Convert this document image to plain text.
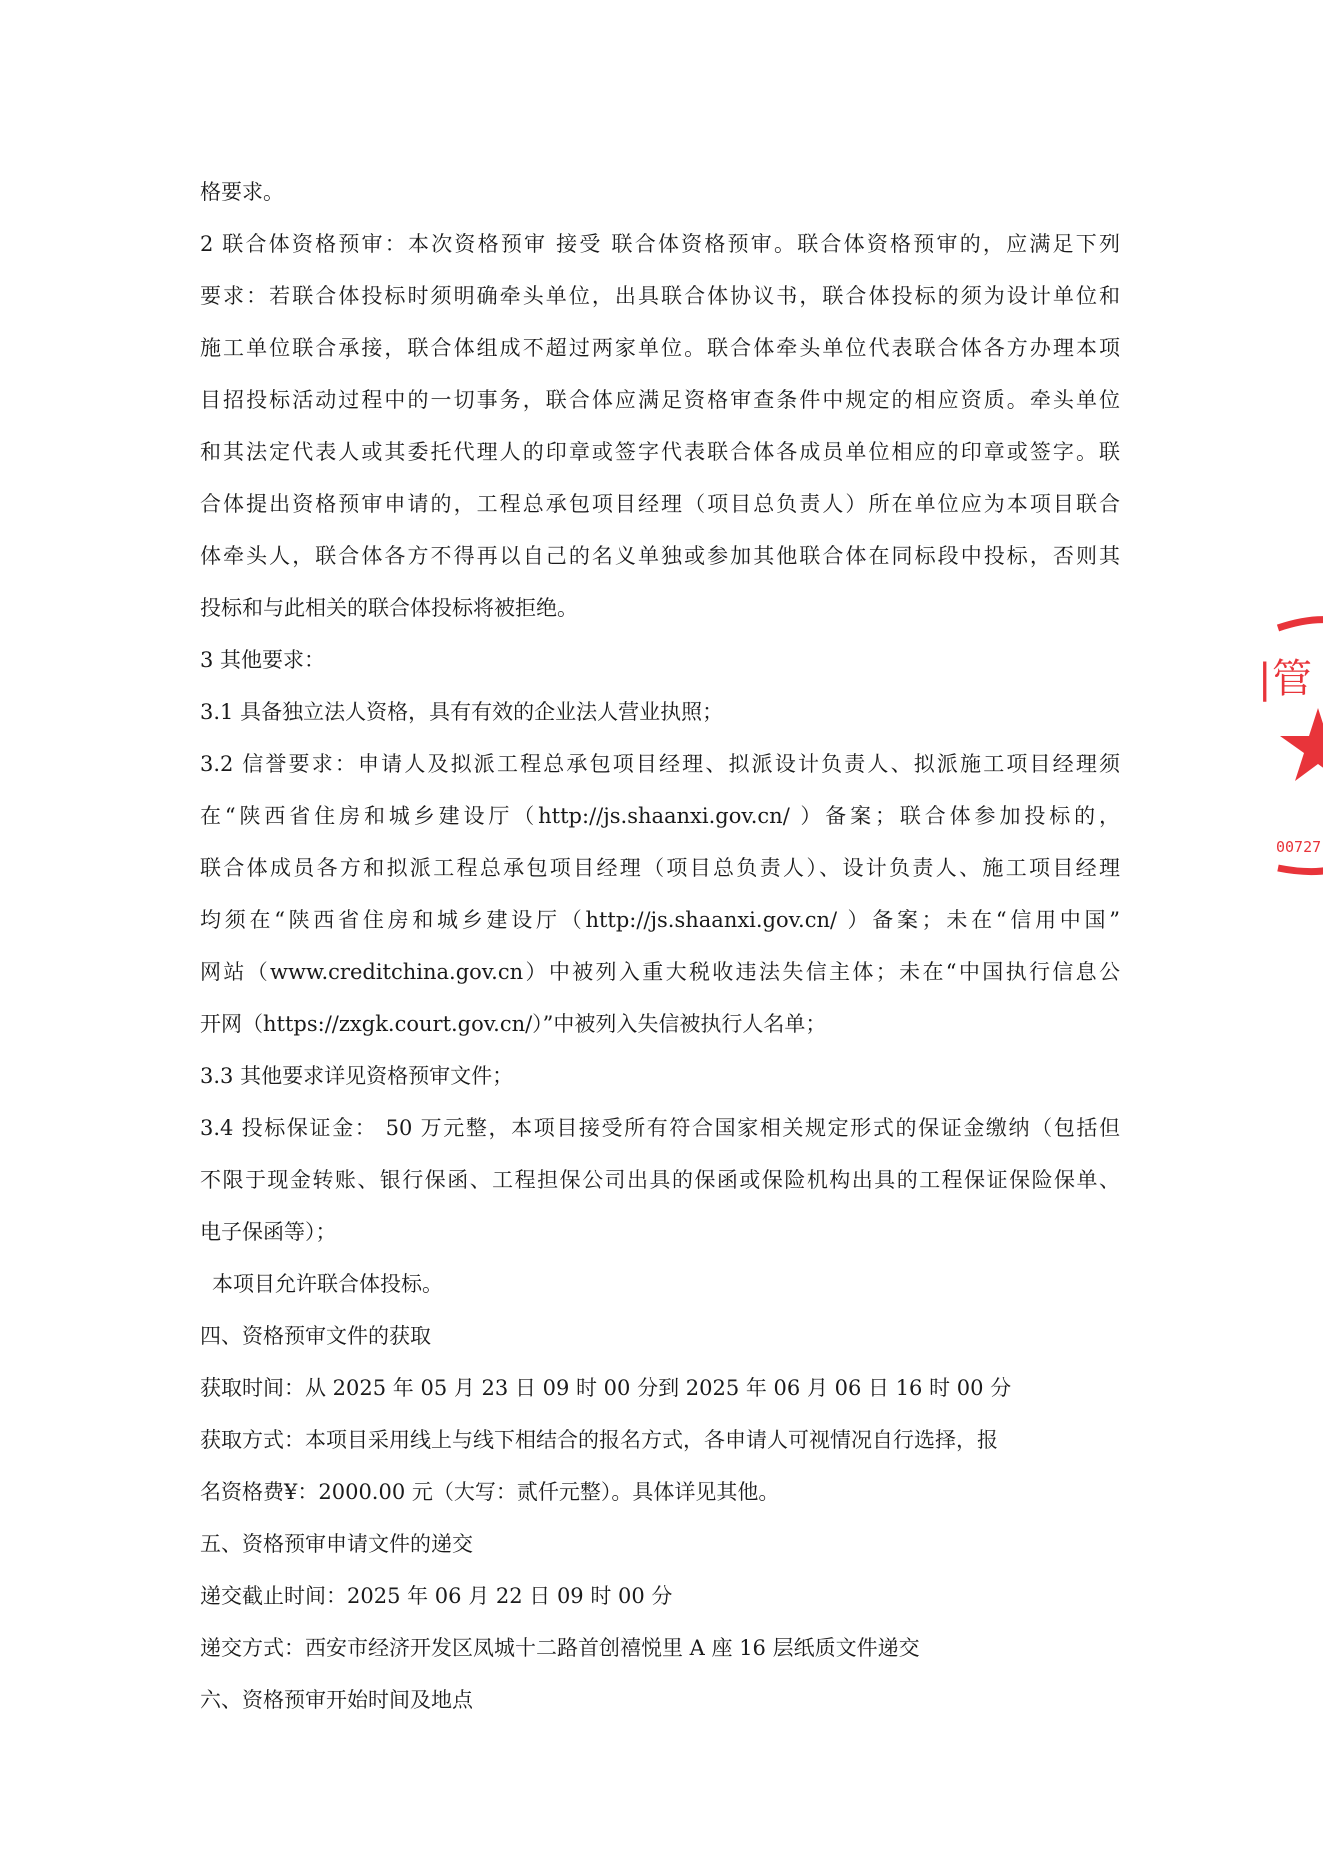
格要求。
2 联合体资格预审：本次资格预审 接受 联合体资格预审。联合体资格预审的，应满足下列
要求：若联合体投标时须明确牵头单位，出具联合体协议书，联合体投标的须为设计单位和
施工单位联合承接，联合体组成不超过两家单位。联合体牵头单位代表联合体各方办理本项
目招投标活动过程中的一切事务，联合体应满足资格审查条件中规定的相应资质。牵头单位
和其法定代表人或其委托代理人的印章或签字代表联合体各成员单位相应的印章或签字。联
合体提出资格预审申请的，工程总承包项目经理（项目总负责人）所在单位应为本项目联合
体牵头人，联合体各方不得再以自己的名义单独或参加其他联合体在同标段中投标，否则其
投标和与此相关的联合体投标将被拒绝。
3 其他要求：
3.1 具备独立法人资格，具有有效的企业法人营业执照；
3.2 信誉要求：申请人及拟派工程总承包项目经理、拟派设计负责人、拟派施工项目经理须
在“陕西省住房和城乡建设厅（http://js.shaanxi.gov.cn/ ）备案；联合体参加投标的，
联合体成员各方和拟派工程总承包项目经理（项目总负责人）、设计负责人、施工项目经理
均须在“陕西省住房和城乡建设厅（http://js.shaanxi.gov.cn/ ）备案；未在“信用中国”
网站（www.creditchina.gov.cn）中被列入重大税收违法失信主体；未在“中国执行信息公
开网（https://zxgk.court.gov.cn/）”中被列入失信被执行人名单；
3.3 其他要求详见资格预审文件；
3.4 投标保证金： 50 万元整，本项目接受所有符合国家相关规定形式的保证金缴纳（包括但
不限于现金转账、银行保函、工程担保公司出具的保函或保险机构出具的工程保证保险保单、
电子保函等）；
本项目允许联合体投标。
四、资格预审文件的获取
获取时间：从 2025 年 05 月 23 日 09 时 00 分到 2025 年 06 月 06 日 16 时 00 分
获取方式：本项目采用线上与线下相结合的报名方式，各申请人可视情况自行选择，报
名资格费¥：2000.00 元（大写：贰仟元整）。具体详见其他。
五、资格预审申请文件的递交
递交截止时间：2025 年 06 月 22 日 09 时 00 分
递交方式：西安市经济开发区凤城十二路首创禧悦里 A 座 16 层纸质文件递交
六、资格预审开始时间及地点
管
|
00727
